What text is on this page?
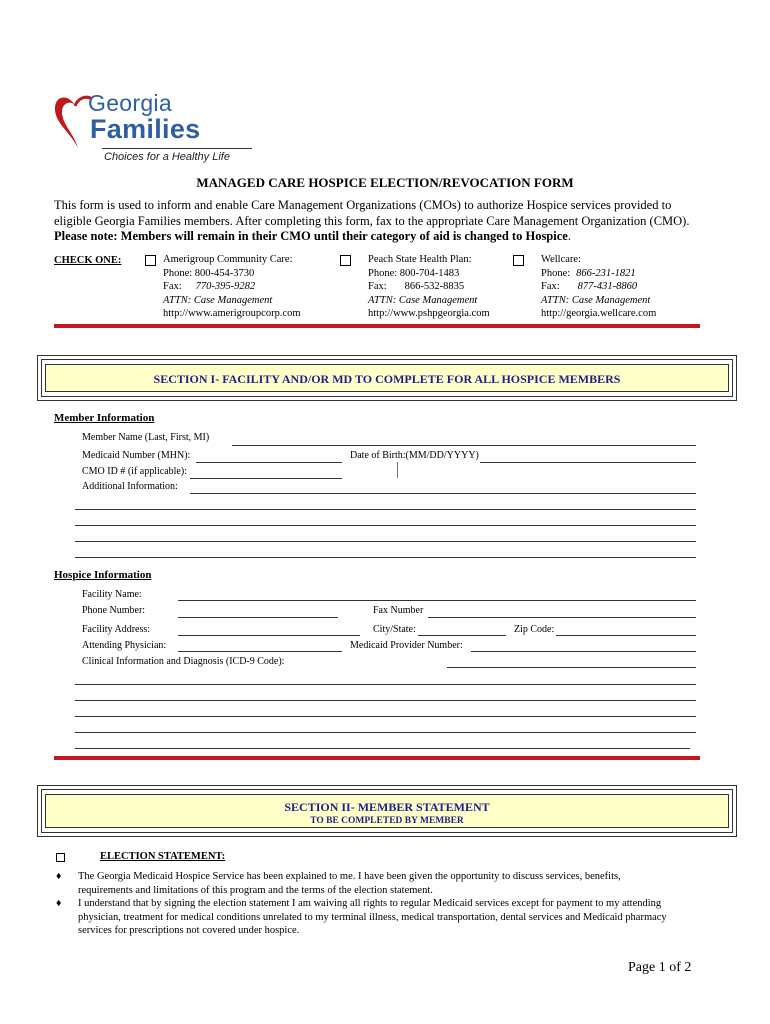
Georgia
Families
Choices for a Healthy Life
MANAGED CARE HOSPICE ELECTION/REVOCATION FORM
This form is used to inform and enable Care Management Organizations (CMOs) to authorize Hospice services provided to
eligible Georgia Families members. After completing this form, fax to the appropriate Care Management Organization (CMO).
Please note: Members will remain in their CMO until their category of aid is changed to Hospice.
CHECK ONE:	Amerigroup Community Care:
Phone: 800-454-3730
Fax: 770-395-9282
ATTN: Case Management
http://www.amerigroupcorp.com
Peach State Health Plan:
Phone: 800-704-1483
Fax: 866-532-8835
ATTN: Case Management
http://www.pshpgeorgia.com
Wellcare:
Phone: 866-231-1821
Fax: 877-431-8860
ATTN: Case Management
http://georgia.wellcare.com
SECTION I- FACILITY AND/OR MD TO COMPLETE FOR ALL HOSPICE MEMBERS
Member Information
Member Name (Last, First, MI)
Medicaid Number (MHN):	Date of Birth:(MM/DD/YYYY)
CMO ID # (if applicable):
Additional Information:
Hospice Information
Facility Name:
Phone Number:	Fax Number
Facility Address:	City/State:	Zip Code:
Attending Physician:	Medicaid Provider Number:
Clinical Information and Diagnosis (ICD-9 Code):
SECTION II- MEMBER STATEMENT
TO BE COMPLETED BY MEMBER
ELECTION STATEMENT:
♦ The Georgia Medicaid Hospice Service has been explained to me. I have been given the opportunity to discuss services, benefits,
requirements and limitations of this program and the terms of the election statement.
♦ I understand that by signing the election statement I am waiving all rights to regular Medicaid services except for payment to my attending
physician, treatment for medical conditions unrelated to my terminal illness, medical transportation, dental services and Medicaid pharmacy
services for prescriptions not covered under hospice.
Page 1 of 2
